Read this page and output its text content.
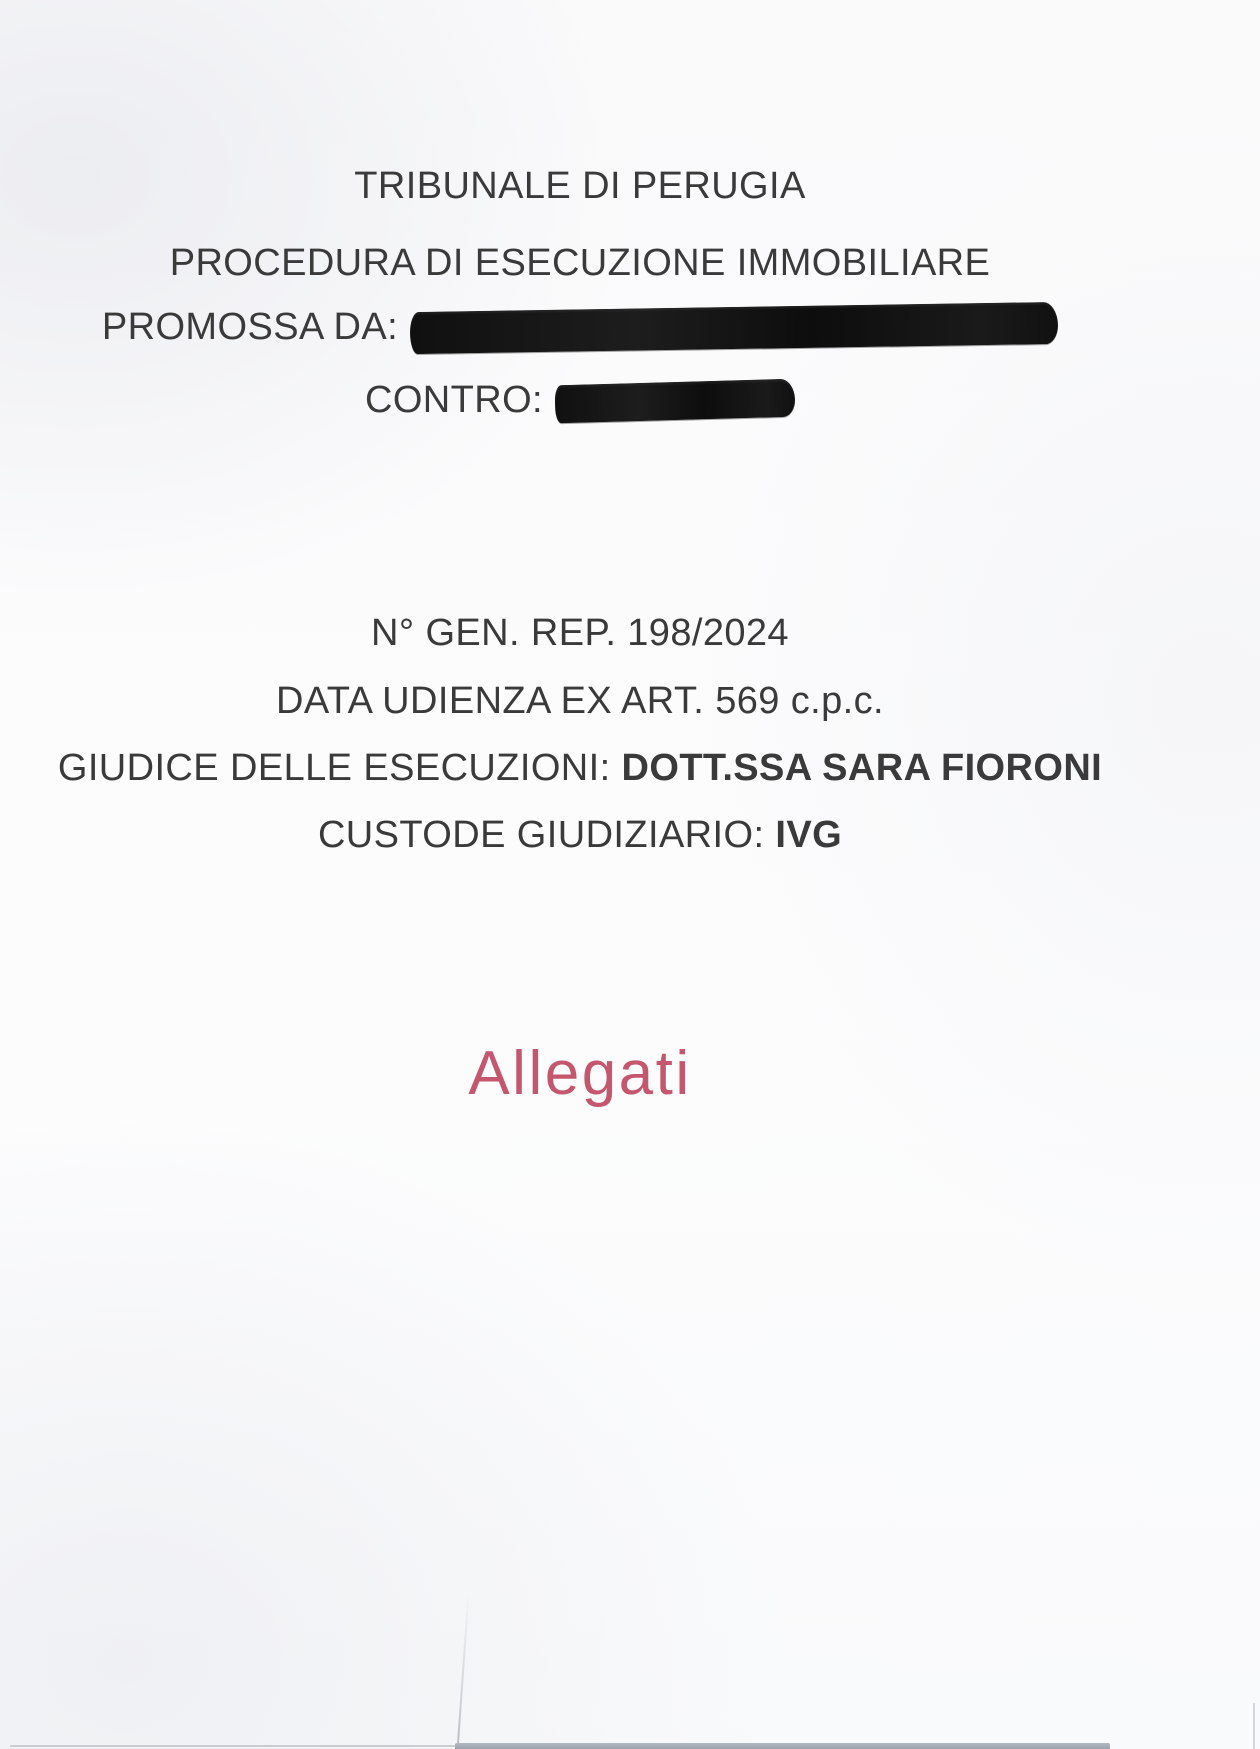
TRIBUNALE DI PERUGIA
PROCEDURA DI ESECUZIONE IMMOBILIARE
PROMOSSA DA:
CONTRO:
N° GEN. REP. 198/2024
DATA UDIENZA EX ART. 569 c.p.c.
GIUDICE DELLE ESECUZIONI: DOTT.SSA SARA FIORONI
CUSTODE GIUDIZIARIO: IVG
Allegati
